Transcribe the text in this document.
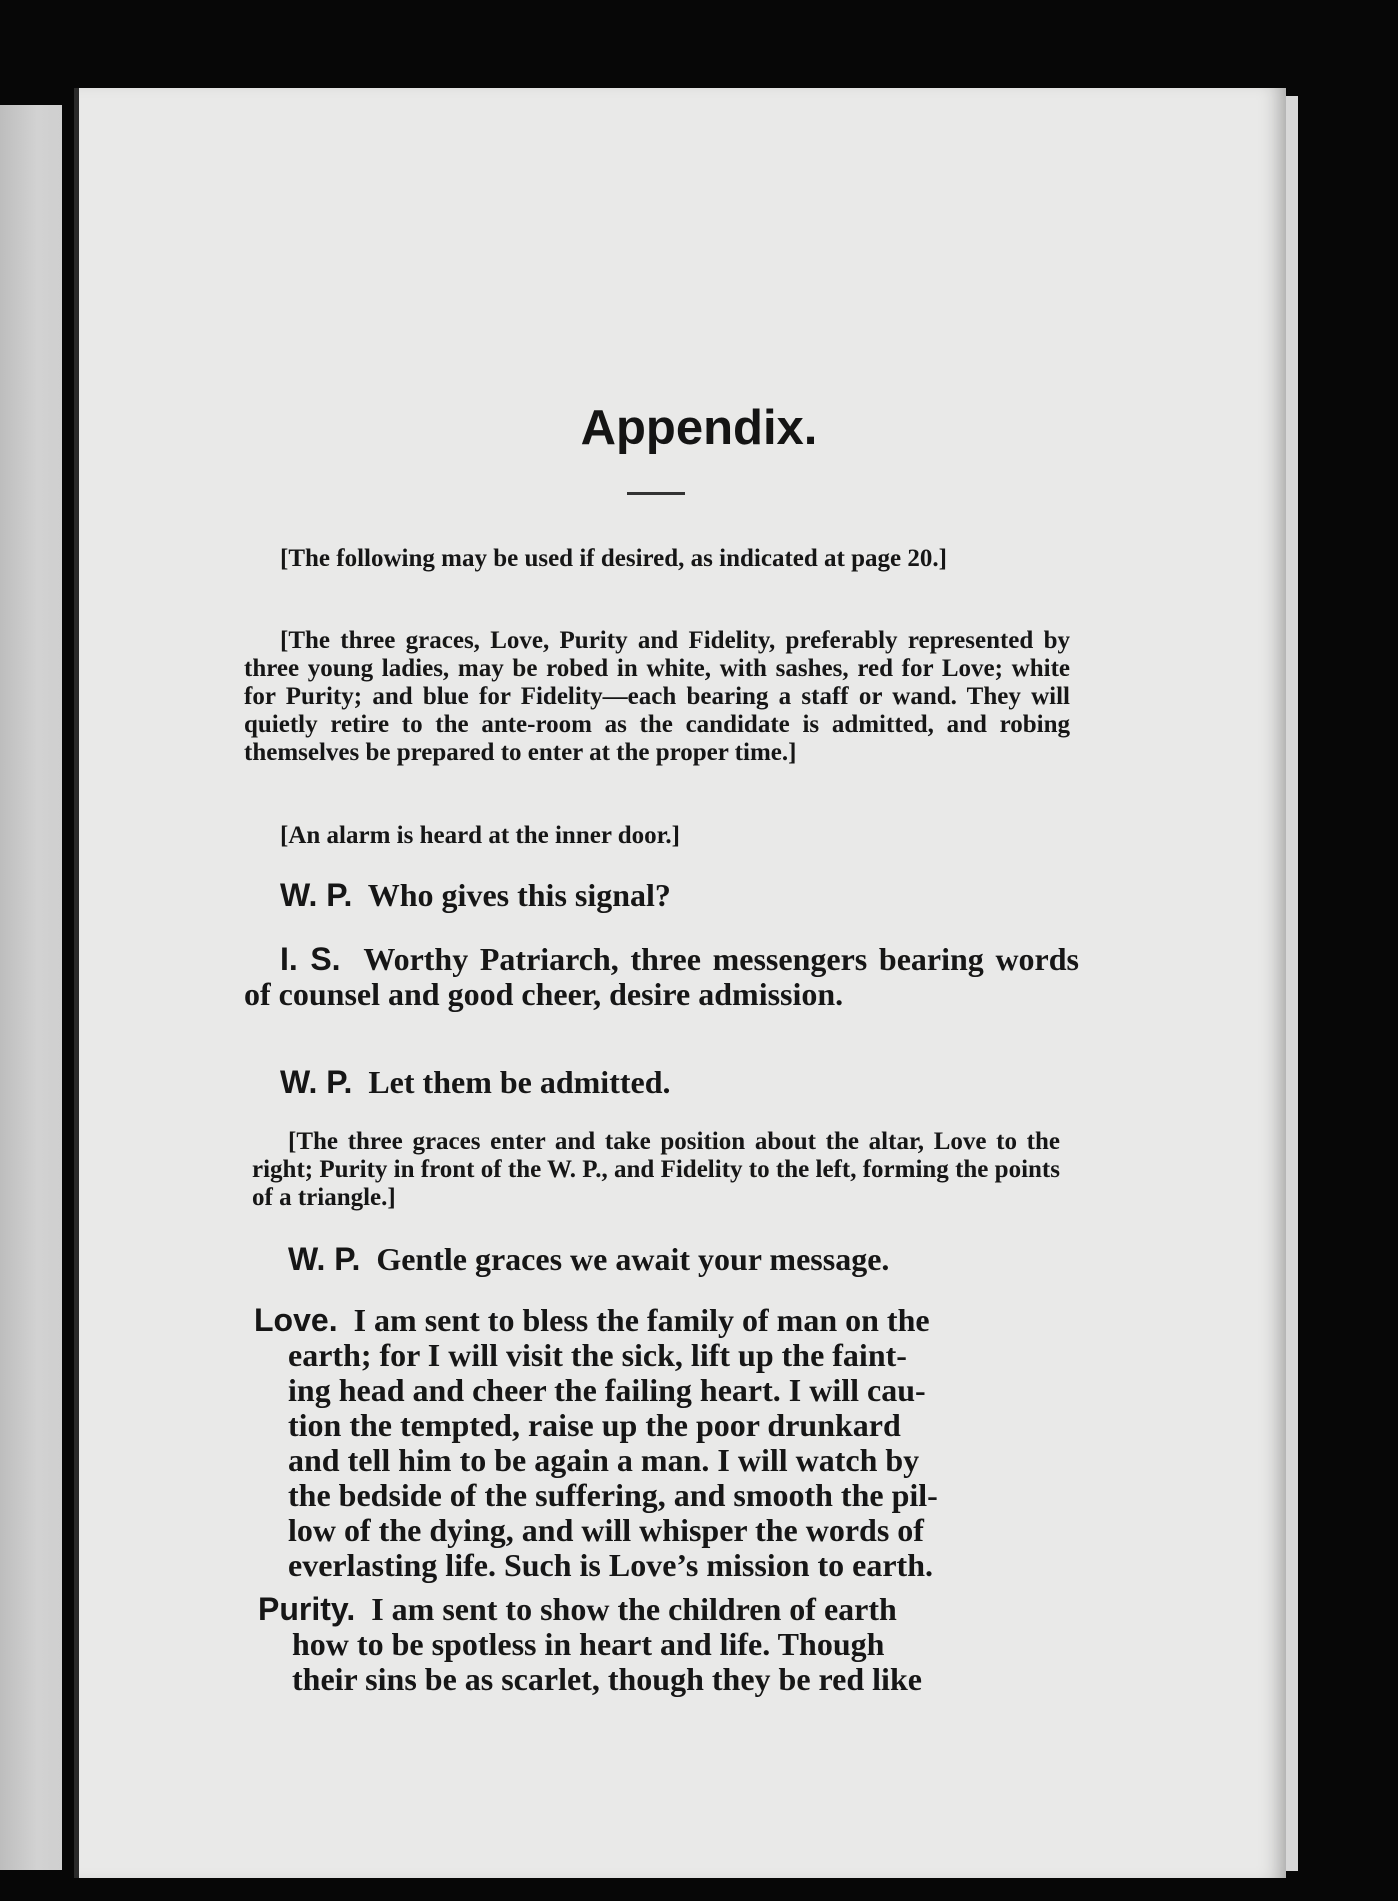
Appendix.

[The following may be used if desired, as indicated at page 20.]

[The three graces, Love, Purity and Fidelity, preferably represented by three young ladies, may be robed in white, with sashes, red for Love; white for Purity; and blue for Fidelity—each bearing a staff or wand. They will quietly retire to the ante-room as the candidate is admitted, and robing themselves be prepared to enter at the proper time.]

[An alarm is heard at the inner door.]

W. P. Who gives this signal?

I. S. Worthy Patriarch, three messengers bearing words of counsel and good cheer, desire admission.

W. P. Let them be admitted.

[The three graces enter and take position about the altar, Love to the right; Purity in front of the W. P., and Fidelity to the left, forming the points of a triangle.]

W. P. Gentle graces we await your message.

Love. I am sent to bless the family of man on the
earth; for I will visit the sick, lift up the faint-
ing head and cheer the failing heart. I will cau-
tion the tempted, raise up the poor drunkard
and tell him to be again a man. I will watch by
the bedside of the suffering, and smooth the pil-
low of the dying, and will whisper the words of
everlasting life. Such is Love’s mission to earth.
Purity. I am sent to show the children of earth
how to be spotless in heart and life. Though
their sins be as scarlet, though they be red like
